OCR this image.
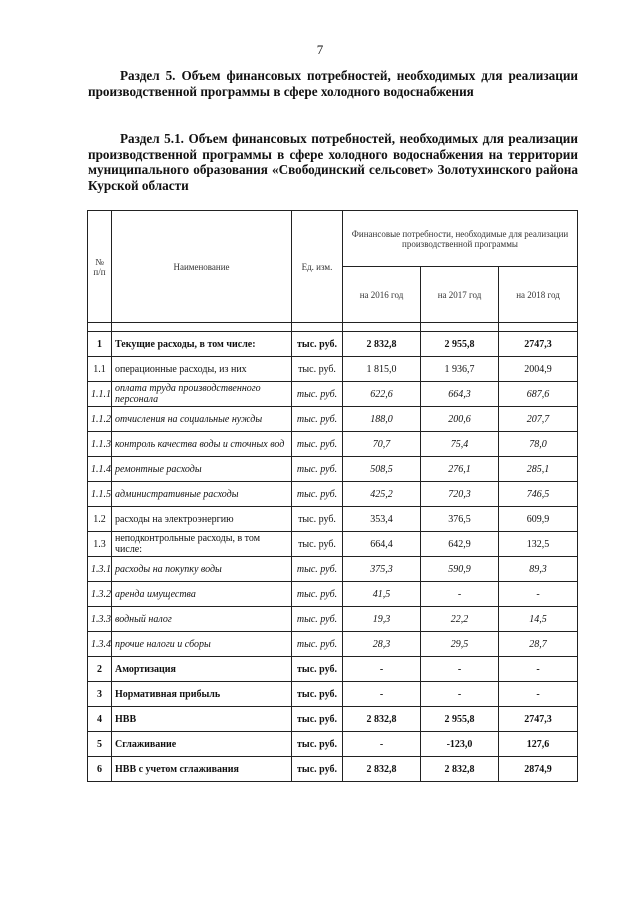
7
Раздел 5. Объем финансовых потребностей, необходимых для реализации производственной программы в сфере холодного водоснабжения
Раздел 5.1. Объем финансовых потребностей, необходимых для реализации производственной программы в сфере холодного водоснабжения на территории муниципального образования «Свободинский сельсовет» Золотухинского района Курской области
№ п/п	Наименование	Ед. изм.	Финансовые потребности, необходимые для реализации производственной программы		
			на 2016 год	на 2017 год	на 2018 год

1	Текущие расходы, в том числе:	тыс. руб.	2 832,8	2 955,8	2747,3
1.1	операционные расходы, из них	тыс. руб.	1 815,0	1 936,7	2004,9
1.1.1	оплата труда производственного персонала	тыс. руб.	622,6	664,3	687,6
1.1.2	отчисления на социальные нужды	тыс. руб.	188,0	200,6	207,7
1.1.3	контроль качества воды и сточных вод	тыс. руб.	70,7	75,4	78,0
1.1.4	ремонтные расходы	тыс. руб.	508,5	276,1	285,1
1.1.5	административные расходы	тыс. руб.	425,2	720,3	746,5
1.2	расходы на электроэнергию	тыс. руб.	353,4	376,5	609,9
1.3	неподконтрольные расходы, в том числе:	тыс. руб.	664,4	642,9	132,5
1.3.1	расходы на покупку воды	тыс. руб.	375,3	590,9	89,3
1.3.2	аренда имущества	тыс. руб.	41,5	-	-
1.3.3	водный налог	тыс. руб.	19,3	22,2	14,5
1.3.4	прочие налоги и сборы	тыс. руб.	28,3	29,5	28,7
2	Амортизация	тыс. руб.	-	-	-
3	Нормативная прибыль	тыс. руб.	-	-	-
4	НВВ	тыс. руб.	2 832,8	2 955,8	2747,3
5	Сглаживание	тыс. руб.	-	-123,0	127,6
6	НВВ с учетом сглаживания	тыс. руб.	2 832,8	2 832,8	2874,9
